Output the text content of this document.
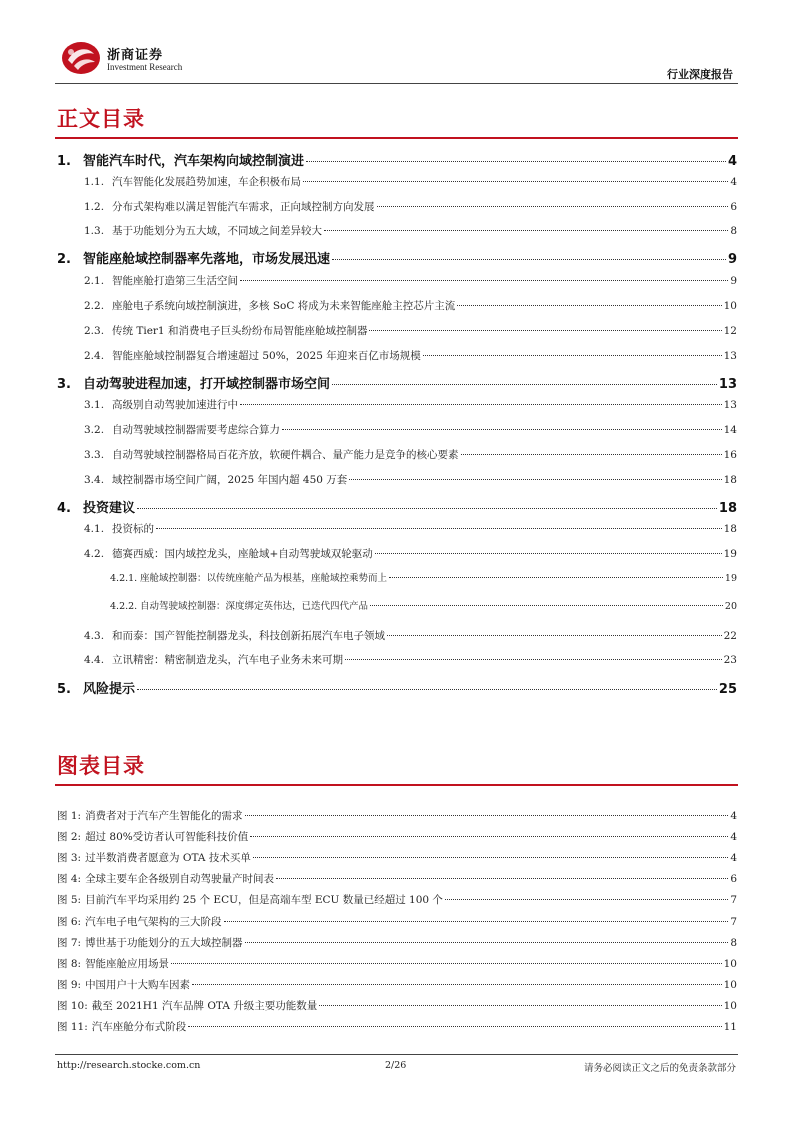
浙商证券
Investment Research
行业深度报告
正文目录
1. 智能汽车时代，汽车架构向域控制演进	4
1.1. 汽车智能化发展趋势加速，车企积极布局	4
1.2. 分布式架构难以满足智能汽车需求，正向域控制方向发展	6
1.3. 基于功能划分为五大域，不同域之间差异较大	8
2. 智能座舱域控制器率先落地，市场发展迅速	9
2.1. 智能座舱打造第三生活空间	9
2.2. 座舱电子系统向域控制演进，多核 SoC 将成为未来智能座舱主控芯片主流	10
2.3. 传统 Tier1 和消费电子巨头纷纷布局智能座舱域控制器	12
2.4. 智能座舱域控制器复合增速超过 50%，2025 年迎来百亿市场规模	13
3. 自动驾驶进程加速，打开域控制器市场空间	13
3.1. 高级别自动驾驶加速进行中	13
3.2. 自动驾驶域控制器需要考虑综合算力	14
3.3. 自动驾驶域控制器格局百花齐放，软硬件耦合、量产能力是竞争的核心要素	16
3.4. 域控制器市场空间广阔，2025 年国内超 450 万套	18
4. 投资建议	18
4.1. 投资标的	18
4.2. 德赛西威：国内域控龙头，座舱域+自动驾驶域双轮驱动	19
4.2.1. 座舱域控制器：以传统座舱产品为根基，座舱域控乘势而上	19
4.2.2. 自动驾驶域控制器：深度绑定英伟达，已迭代四代产品	20
4.3. 和而泰：国产智能控制器龙头，科技创新拓展汽车电子领域	22
4.4. 立讯精密：精密制造龙头，汽车电子业务未来可期	23
5. 风险提示	25
图表目录
图 1: 消费者对于汽车产生智能化的需求	4
图 2: 超过 80%受访者认可智能科技价值	4
图 3: 过半数消费者愿意为 OTA 技术买单	4
图 4: 全球主要车企各级别自动驾驶量产时间表	6
图 5: 目前汽车平均采用约 25 个 ECU，但是高端车型 ECU 数量已经超过 100 个	7
图 6: 汽车电子电气架构的三大阶段	7
图 7: 博世基于功能划分的五大域控制器	8
图 8: 智能座舱应用场景	10
图 9: 中国用户十大购车因素	10
图 10: 截至 2021H1 汽车品牌 OTA 升级主要功能数量	10
图 11: 汽车座舱分布式阶段	11
http://research.stocke.com.cn	2/26	请务必阅读正文之后的免责条款部分
